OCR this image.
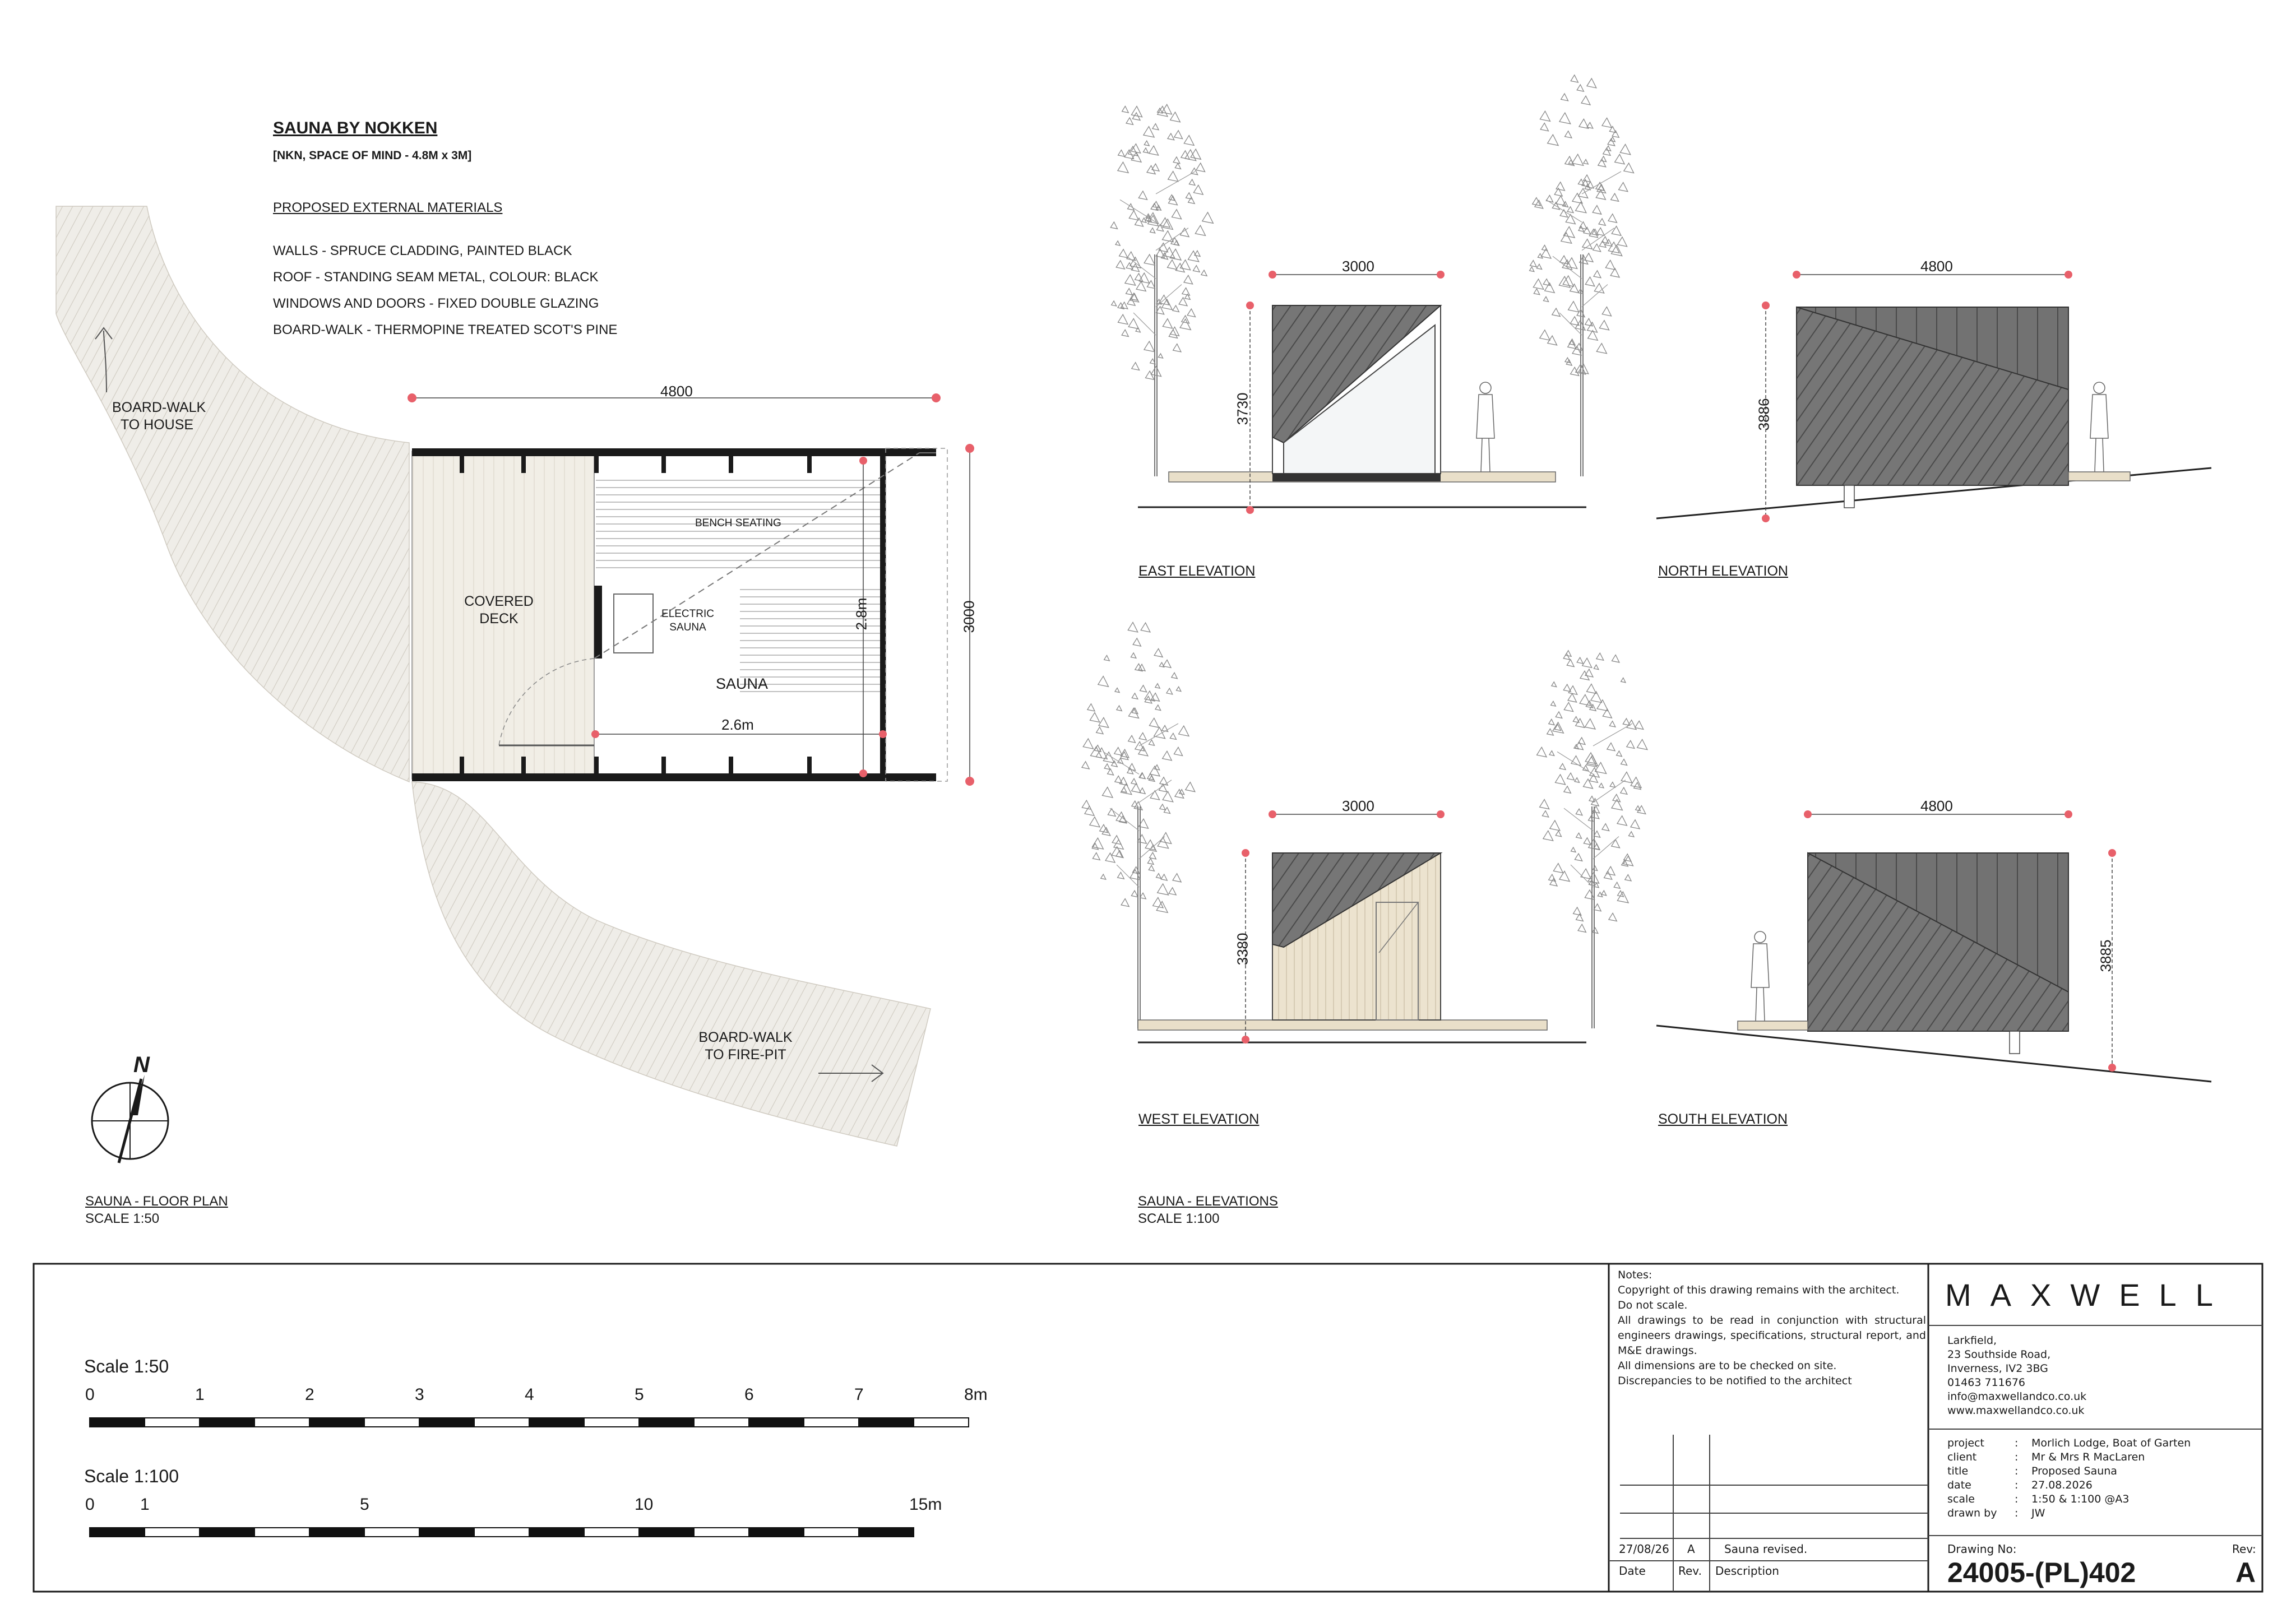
SAUNA BY NOKKEN
[NKN, SPACE OF MIND - 4.8M x 3M]
PROPOSED EXTERNAL MATERIALS
WALLS - SPRUCE CLADDING, PAINTED BLACK
ROOF - STANDING SEAM METAL, COLOUR: BLACK
WINDOWS AND DOORS - FIXED DOUBLE GLAZING
BOARD-WALK - THERMOPINE TREATED SCOT'S PINE
4800
3000
2.6m
2.8m
BOARD-WALK
TO HOUSE
BOARD-WALK
TO FIRE-PIT
COVERED
DECK
BENCH SEATING
ELECTRIC
SAUNA
SAUNA
N
SAUNA - FLOOR PLAN
SCALE 1:50
SAUNA - ELEVATIONS
SCALE 1:100
EAST ELEVATION	NORTH ELEVATION
WEST ELEVATION	SOUTH ELEVATION
3000	4800
3000	4800
3730	3886
3380	3885
Scale 1:50
Scale 1:100
0	1	2	3	4	5	6	7	8m
0	1	5	10	15m
Notes:
Copyright of this drawing remains with the architect.
Do not scale.
All drawings to be read in conjunction with structural engineers drawings, specifications, structural report, and M&E drawings.
All dimensions are to be checked on site.
Discrepancies to be notified to the architect
27/08/26 A	Sauna revised.
Date	Rev. Description
MAXWELL
Larkfield,
23 Southside Road,
Inverness, IV2 3BG
01463 711676
info@maxwellandco.co.uk
www.maxwellandco.co.uk
project	: Morlich Lodge, Boat of Garten
client	: Mr & Mrs R MacLaren
title	: Proposed Sauna
date	: 27.08.2026
scale	: 1:50 & 1:100 @A3
drawn by : JW
Drawing No:
24005-(PL)402
Rev:
A
